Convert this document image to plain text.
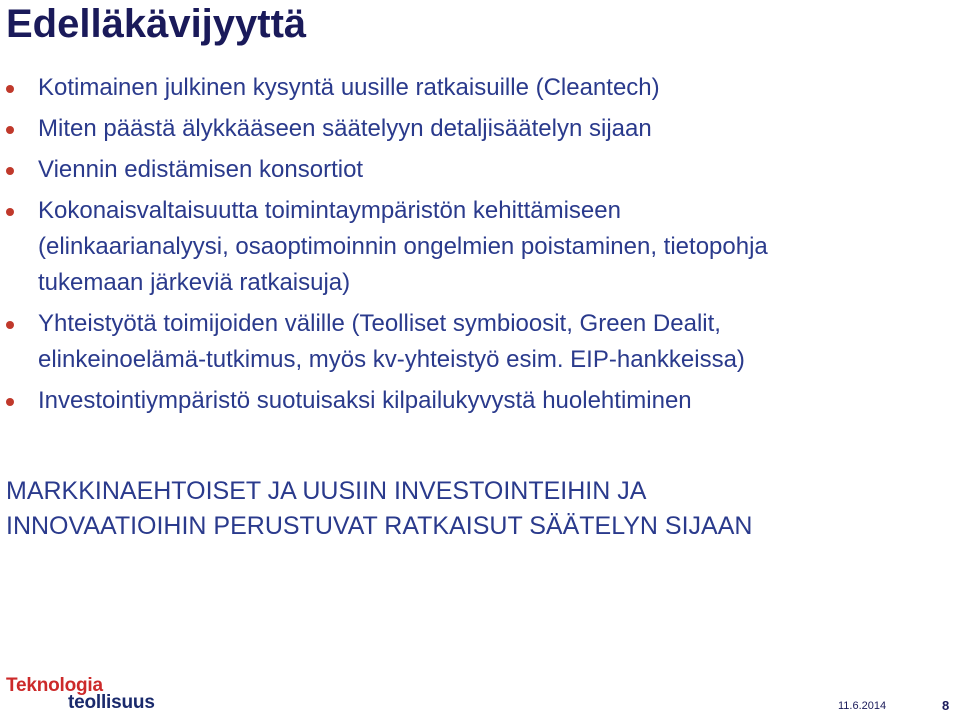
Edelläkävijyyttä
Kotimainen julkinen kysyntä uusille ratkaisuille (Cleantech)
Miten päästä älykkääseen säätelyyn detaljisäätelyn sijaan
Viennin edistämisen konsortiot
Kokonaisvaltaisuutta toimintaympäristön kehittämiseen
(elinkaarianalyysi, osaoptimoinnin ongelmien poistaminen, tietopohja
tukemaan järkeviä ratkaisuja)
Yhteistyötä toimijoiden välille (Teolliset symbioosit, Green Dealit,
elinkeinoelämä-tutkimus, myös kv-yhteistyö esim. EIP-hankkeissa)
Investointiympäristö suotuisaksi kilpailukyvystä huolehtiminen
MARKKINAEHTOISET JA UUSIIN INVESTOINTEIHIN JA
INNOVAATIOIHIN PERUSTUVAT RATKAISUT SÄÄTELYN SIJAAN
Teknologia
teollisuus	11.6.2014	8
